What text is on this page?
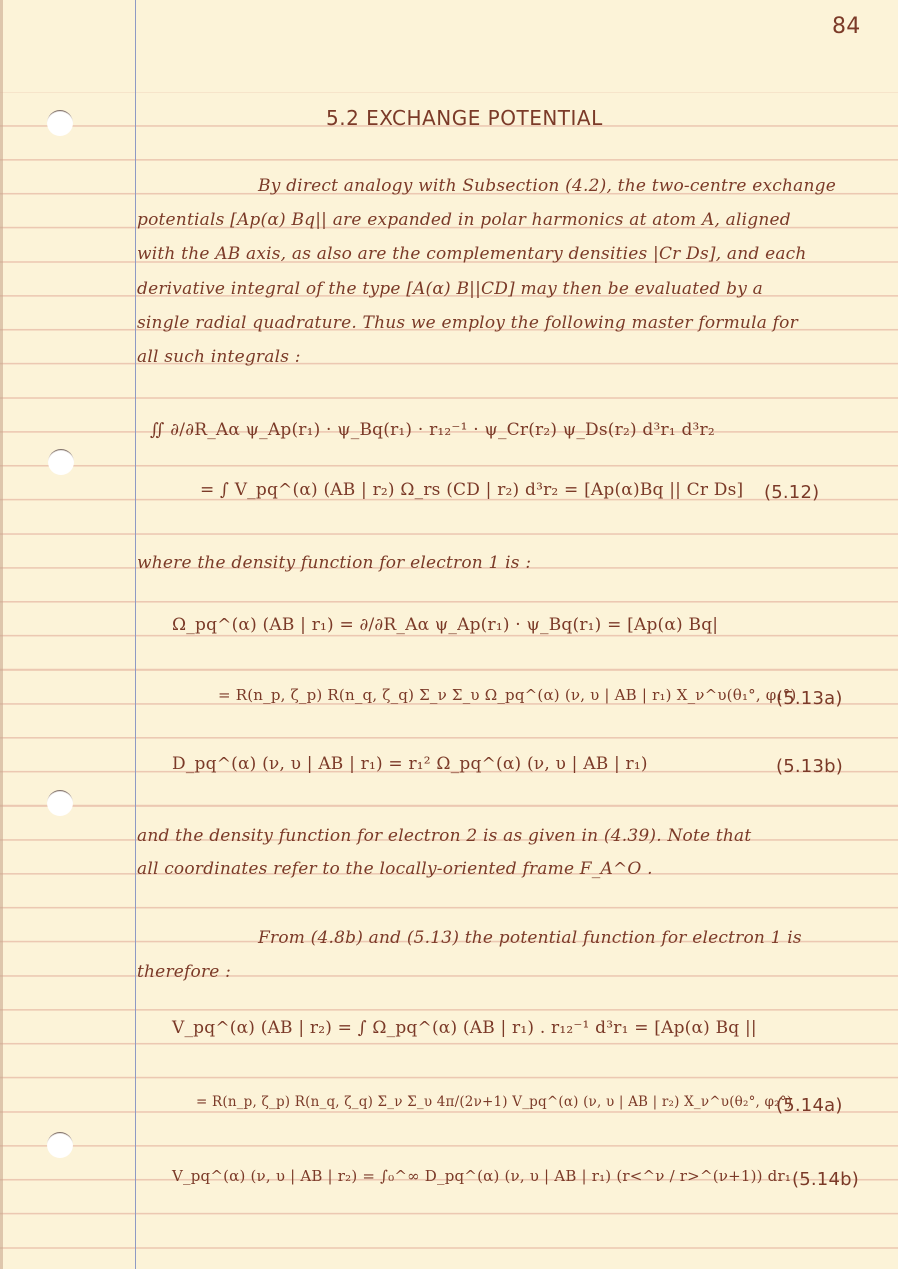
84
5.2 EXCHANGE POTENTIAL
By direct analogy with Subsection (4.2), the two-centre exchange
potentials [Ap(α) Bq|| are expanded in polar harmonics at atom A, aligned
with the AB axis, as also are the complementary densities |Cr Ds], and each
derivative integral of the type [A(α) B||CD] may then be evaluated by a
single radial quadrature. Thus we employ the following master formula for
all such integrals :
∬ ∂/∂R_Aα ψ_Ap(r₁) · ψ_Bq(r₁) · r₁₂⁻¹ · ψ_Cr(r₂) ψ_Ds(r₂) d³r₁ d³r₂
= ∫ V_pq^(α) (AB | r₂) Ω_rs (CD | r₂) d³r₂ = [Ap(α)Bq || Cr Ds] (5.12)
where the density function for electron 1 is :
Ω_pq^(α) (AB | r₁) = ∂/∂R_Aα ψ_Ap(r₁) · ψ_Bq(r₁) = [Ap(α) Bq|
= R(n_p, ζ_p) R(n_q, ζ_q) Σ_ν Σ_υ Ω_pq^(α) (ν, υ | AB | r₁) X_ν^υ(θ₁°, φ₁°)
(5.13a)
D_pq^(α) (ν, υ | AB | r₁) = r₁² Ω_pq^(α) (ν, υ | AB | r₁)	(5.13b)
and the density function for electron 2 is as given in (4.39). Note that
all coordinates refer to the locally-oriented frame F_A^O .
From (4.8b) and (5.13) the potential function for electron 1 is
therefore :
V_pq^(α) (AB | r₂) = ∫ Ω_pq^(α) (AB | r₁) . r₁₂⁻¹ d³r₁ = [Ap(α) Bq ||
= R(n_p, ζ_p) R(n_q, ζ_q) Σ_ν Σ_υ 4π/(2ν+1) V_pq^(α) (ν, υ | AB | r₂) X_ν^υ(θ₂°, φ₂°)
(5.14a)
V_pq^(α) (ν, υ | AB | r₂) = ∫₀^∞ D_pq^(α) (ν, υ | AB | r₁) (r<^ν / r>^(ν+1)) dr₁ (5.14b)
